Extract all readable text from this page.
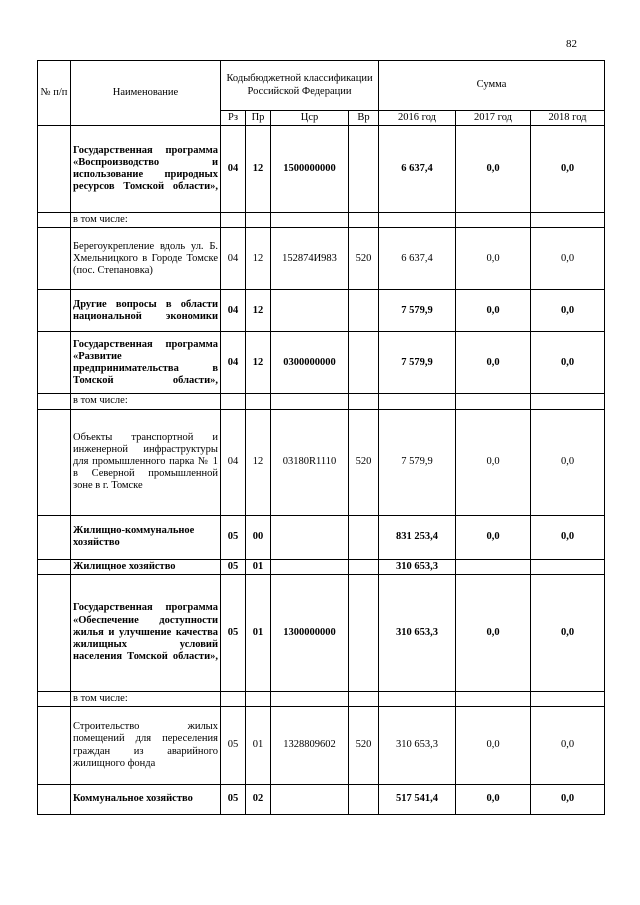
82
№ п/п	Наименование	Кодыбюджетной классификации Российской Федерации				Сумма		
		Рз	Пр	Цср	Вр	2016 год	2017 год	2018 год
	Государственная программа «Воспроизводство и использование природных ресурсов Томской области»,	04	12	1500000000		6 637,4	0,0	0,0
	в том числе:							
	Берегоукрепление вдоль ул. Б. Хмельницкого в Городе Томске (пос. Степановка)	04	12	152874И983	520	6 637,4	0,0	0,0
	Другие вопросы в области национальной экономики	04	12			7 579,9	0,0	0,0
	Государственная программа «Развитие предпринимательства в Томской области»,	04	12	0300000000		7 579,9	0,0	0,0
	в том числе:							
	Объекты транспортной и инженерной инфраструктуры для промышленного парка № 1 в Северной промышленной зоне в г. Томске	04	12	03180R1110	520	7 579,9	0,0	0,0
	Жилищно-коммунальное хозяйство	05	00			831 253,4	0,0	0,0
	Жилищное хозяйство	05	01			310 653,3		
	Государственная программа «Обеспечение доступности жилья и улучшение качества жилищных условий населения Томской области»,	05	01	1300000000		310 653,3	0,0	0,0
	в том числе:							
	Строительство жилых помещений для переселения граждан из аварийного жилищного фонда	05	01	1328809602	520	310 653,3	0,0	0,0
	Коммунальное хозяйство	05	02			517 541,4	0,0	0,0
